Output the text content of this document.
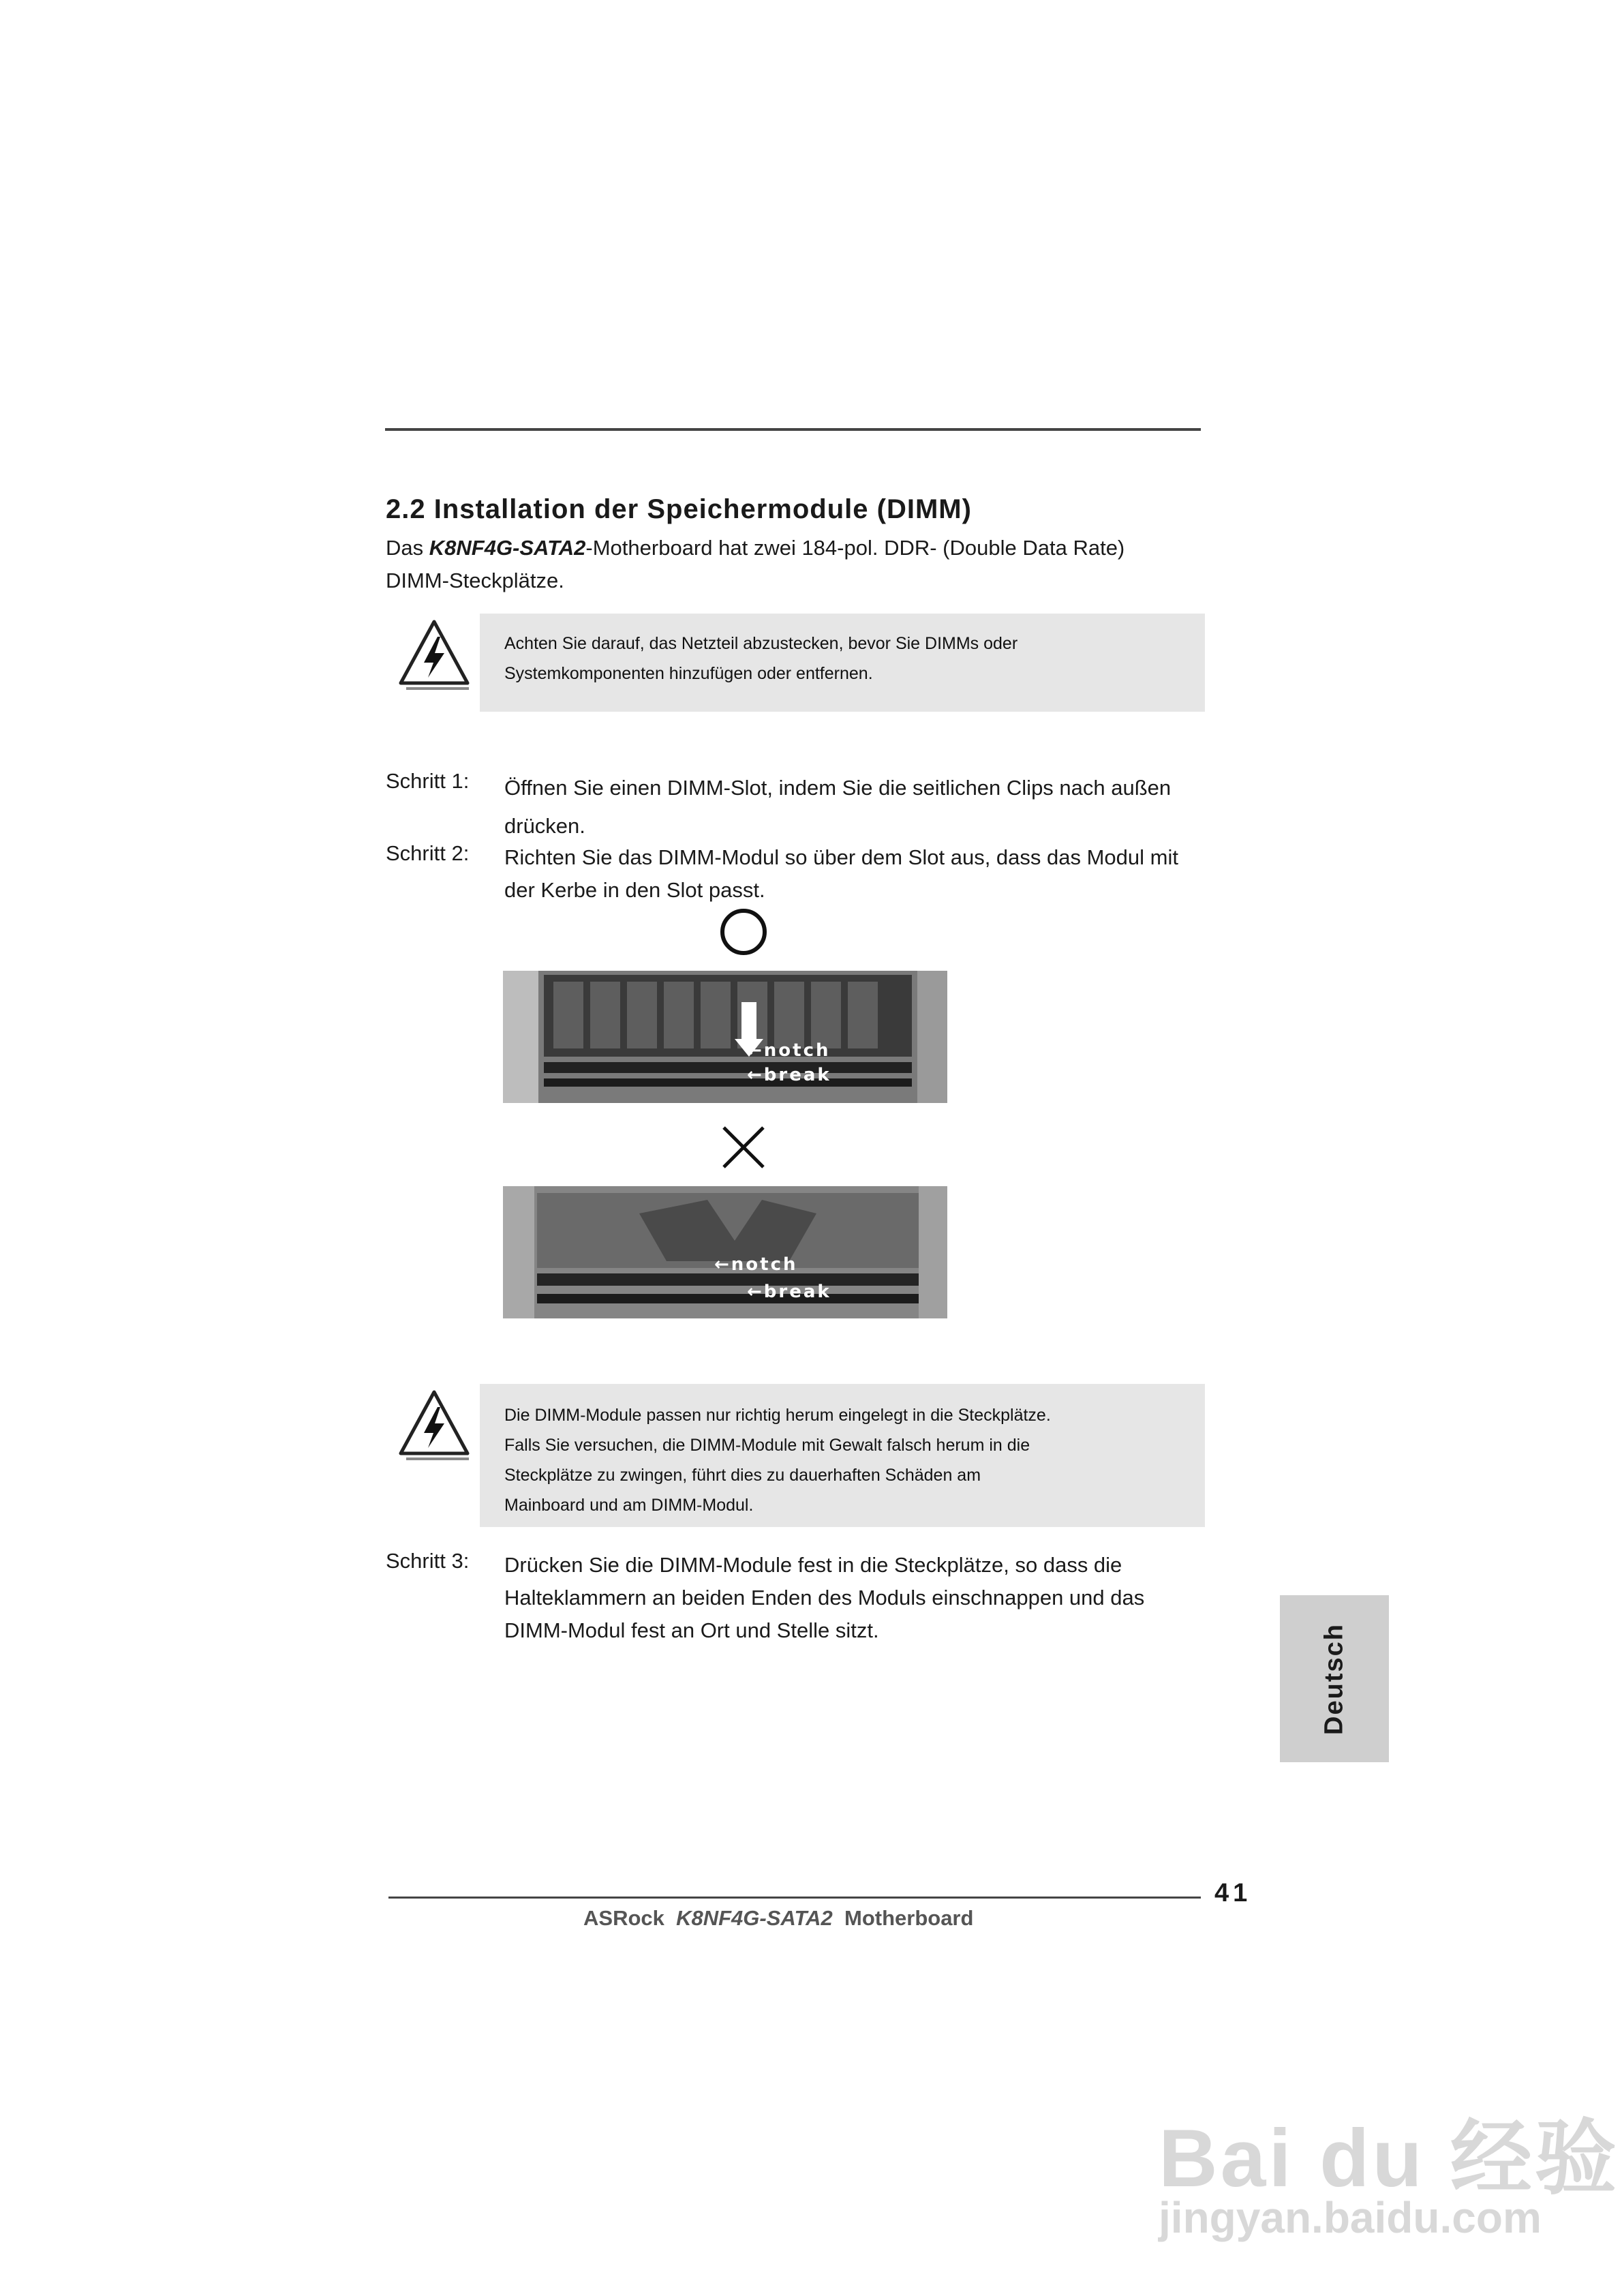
2.2 Installation der Speichermodule (DIMM)
Das K8NF4G-SATA2-Motherboard hat zwei 184-pol. DDR- (Double Data Rate)
DIMM-Steckplätze.
Achten Sie darauf, das Netzteil abzustecken, bevor Sie DIMMs oder
Systemkomponenten hinzufügen oder entfernen.
Schritt 1: Öffnen Sie einen DIMM-Slot, indem Sie die seitlichen Clips nach außen
drücken.
Schritt 2: Richten Sie das DIMM-Modul so über dem Slot aus, dass das Modul mit
der Kerbe in den Slot passt.
←notch
←break
←notch
←break
Die DIMM-Module passen nur richtig herum eingelegt in die Steckplätze.
Falls Sie versuchen, die DIMM-Module mit Gewalt falsch herum in die
Steckplätze zu zwingen, führt dies zu dauerhaften Schäden am
Mainboard und am DIMM-Modul.
Schritt 3: Drücken Sie die DIMM-Module fest in die Steckplätze, so dass die
Halteklammern an beiden Enden des Moduls einschnappen und das
DIMM-Modul fest an Ort und Stelle sitzt.	Deutsch
41
ASRock K8NF4G-SATA2 Motherboard
Bai du 经验
jingyan.baidu.com
